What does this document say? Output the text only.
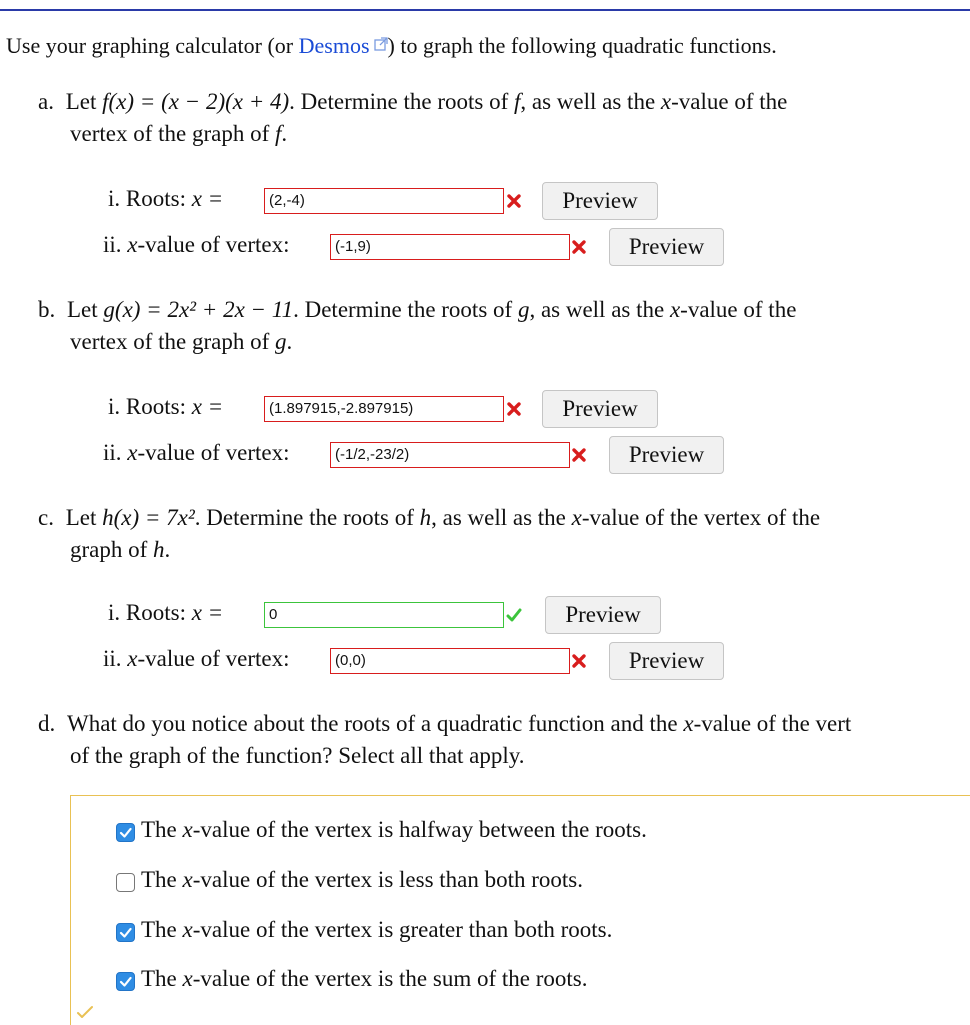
Use your graphing calculator (or Desmos ) to graph the following quadratic functions.
a. Let f(x) = (x − 2)(x + 4). Determine the roots of f, as well as the x-value of the
vertex of the graph of f.
i. Roots: x =	(2,-4)	Preview
ii. x-value of vertex:	(-1,9)	Preview
b. Let g(x) = 2x² + 2x − 11. Determine the roots of g, as well as the x-value of the
vertex of the graph of g.
i. Roots: x =	(1.897915,-2.897915)	Preview
ii. x-value of vertex:	(-1/2,-23/2)	Preview
c. Let h(x) = 7x². Determine the roots of h, as well as the x-value of the vertex of the
graph of h.
i. Roots: x =	0	Preview
ii. x-value of vertex:	(0,0)	Preview
d. What do you notice about the roots of a quadratic function and the x-value of the vert
of the graph of the function? Select all that apply.
The x-value of the vertex is halfway between the roots.
The x-value of the vertex is less than both roots.
The x-value of the vertex is greater than both roots.
The x-value of the vertex is the sum of the roots.
